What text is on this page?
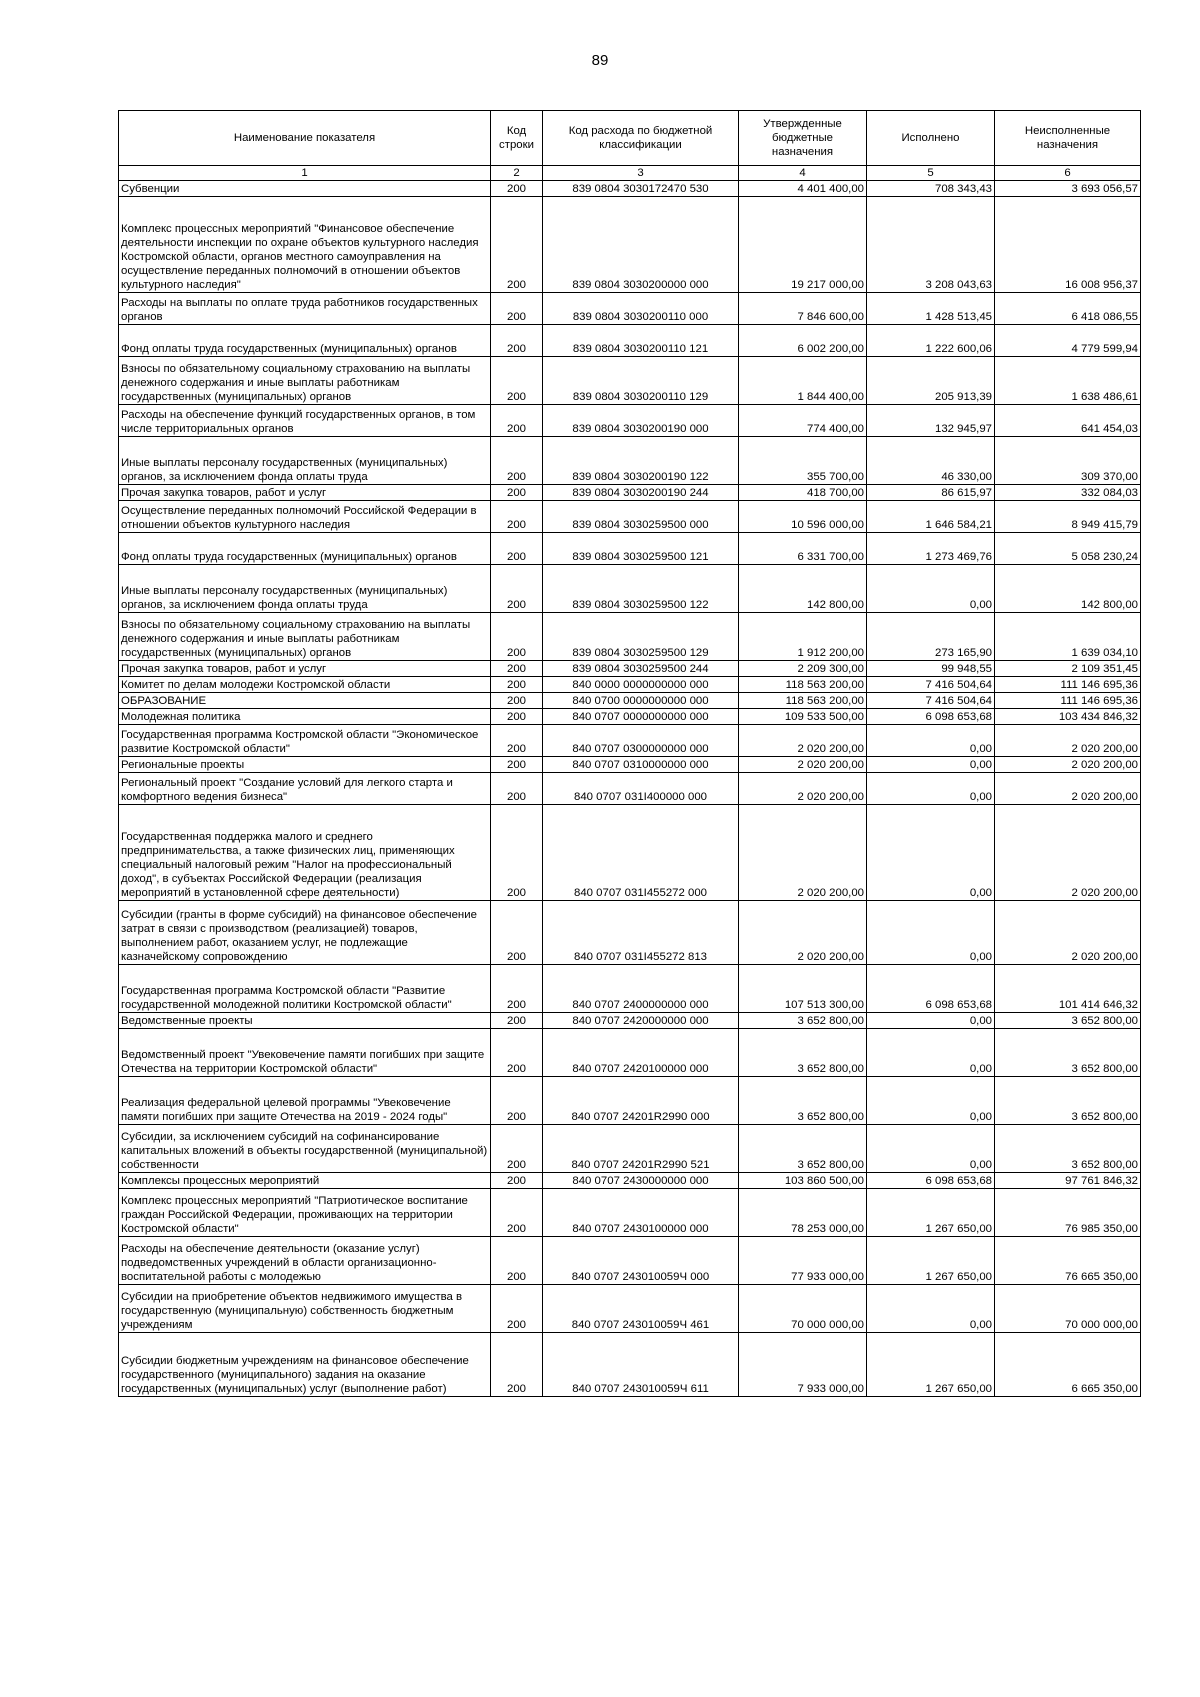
89
Наименование показателя	Код строки	Код расхода по бюджетной классификации	Утвержденные бюджетные назначения	Исполнено	Неисполненные назначения
1	2	3	4	5	6
Субвенции	200	839 0804 3030172470 530	4 401 400,00	708 343,43	3 693 056,57
Комплекс процессных мероприятий "Финансовое обеспечение деятельности инспекции по охране объектов культурного наследия Костромской области, органов местного самоуправления на осуществление переданных полномочий в отношении объектов культурного наследия"	200	839 0804 3030200000 000	19 217 000,00	3 208 043,63	16 008 956,37
Расходы на выплаты по оплате труда работников государственных органов	200	839 0804 3030200110 000	7 846 600,00	1 428 513,45	6 418 086,55
Фонд оплаты труда государственных (муниципальных) органов	200	839 0804 3030200110 121	6 002 200,00	1 222 600,06	4 779 599,94
Взносы по обязательному социальному страхованию на выплаты денежного содержания и иные выплаты работникам государственных (муниципальных) органов	200	839 0804 3030200110 129	1 844 400,00	205 913,39	1 638 486,61
Расходы на обеспечение функций государственных органов, в том числе территориальных органов	200	839 0804 3030200190 000	774 400,00	132 945,97	641 454,03
Иные выплаты персоналу государственных (муниципальных) органов, за исключением фонда оплаты труда	200	839 0804 3030200190 122	355 700,00	46 330,00	309 370,00
Прочая закупка товаров, работ и услуг	200	839 0804 3030200190 244	418 700,00	86 615,97	332 084,03
Осуществление переданных полномочий Российской Федерации в отношении объектов культурного наследия	200	839 0804 3030259500 000	10 596 000,00	1 646 584,21	8 949 415,79
Фонд оплаты труда государственных (муниципальных) органов	200	839 0804 3030259500 121	6 331 700,00	1 273 469,76	5 058 230,24
Иные выплаты персоналу государственных (муниципальных) органов, за исключением фонда оплаты труда	200	839 0804 3030259500 122	142 800,00	0,00	142 800,00
Взносы по обязательному социальному страхованию на выплаты денежного содержания и иные выплаты работникам государственных (муниципальных) органов	200	839 0804 3030259500 129	1 912 200,00	273 165,90	1 639 034,10
Прочая закупка товаров, работ и услуг	200	839 0804 3030259500 244	2 209 300,00	99 948,55	2 109 351,45
Комитет по делам молодежи Костромской области	200	840 0000 0000000000 000	118 563 200,00	7 416 504,64	111 146 695,36
ОБРАЗОВАНИЕ	200	840 0700 0000000000 000	118 563 200,00	7 416 504,64	111 146 695,36
Молодежная политика	200	840 0707 0000000000 000	109 533 500,00	6 098 653,68	103 434 846,32
Государственная программа Костромской области "Экономическое развитие Костромской области"	200	840 0707 0300000000 000	2 020 200,00	0,00	2 020 200,00
Региональные проекты	200	840 0707 0310000000 000	2 020 200,00	0,00	2 020 200,00
Региональный проект "Создание условий для легкого старта и комфортного ведения бизнеса"	200	840 0707 031I400000 000	2 020 200,00	0,00	2 020 200,00
Государственная поддержка малого и среднего предпринимательства, а также физических лиц, применяющих специальный налоговый режим "Налог на профессиональный доход", в субъектах Российской Федерации (реализация мероприятий в установленной сфере деятельности)	200	840 0707 031I455272 000	2 020 200,00	0,00	2 020 200,00
Субсидии (гранты в форме субсидий) на финансовое обеспечение затрат в связи с производством (реализацией) товаров, выполнением работ, оказанием услуг, не подлежащие казначейскому сопровождению	200	840 0707 031I455272 813	2 020 200,00	0,00	2 020 200,00
Государственная программа Костромской области "Развитие государственной молодежной политики Костромской области"	200	840 0707 2400000000 000	107 513 300,00	6 098 653,68	101 414 646,32
Ведомственные проекты	200	840 0707 2420000000 000	3 652 800,00	0,00	3 652 800,00
Ведомственный проект "Увековечение памяти погибших при защите Отечества на территории Костромской области"	200	840 0707 2420100000 000	3 652 800,00	0,00	3 652 800,00
Реализация федеральной целевой программы "Увековечение памяти погибших при защите Отечества на 2019 - 2024 годы"	200	840 0707 24201R2990 000	3 652 800,00	0,00	3 652 800,00
Субсидии, за исключением субсидий на софинансирование капитальных вложений в объекты государственной (муниципальной) собственности	200	840 0707 24201R2990 521	3 652 800,00	0,00	3 652 800,00
Комплексы процессных мероприятий	200	840 0707 2430000000 000	103 860 500,00	6 098 653,68	97 761 846,32
Комплекс процессных мероприятий "Патриотическое воспитание граждан Российской Федерации, проживающих на территории Костромской области"	200	840 0707 2430100000 000	78 253 000,00	1 267 650,00	76 985 350,00
Расходы на обеспечение деятельности (оказание услуг) подведомственных учреждений в области организационно-воспитательной работы с молодежью	200	840 0707 243010059Ч 000	77 933 000,00	1 267 650,00	76 665 350,00
Субсидии на приобретение объектов недвижимого имущества в государственную (муниципальную) собственность бюджетным учреждениям	200	840 0707 243010059Ч 461	70 000 000,00	0,00	70 000 000,00
Субсидии бюджетным учреждениям на финансовое обеспечение государственного (муниципального) задания на оказание государственных (муниципальных) услуг (выполнение работ)	200	840 0707 243010059Ч 611	7 933 000,00	1 267 650,00	6 665 350,00
